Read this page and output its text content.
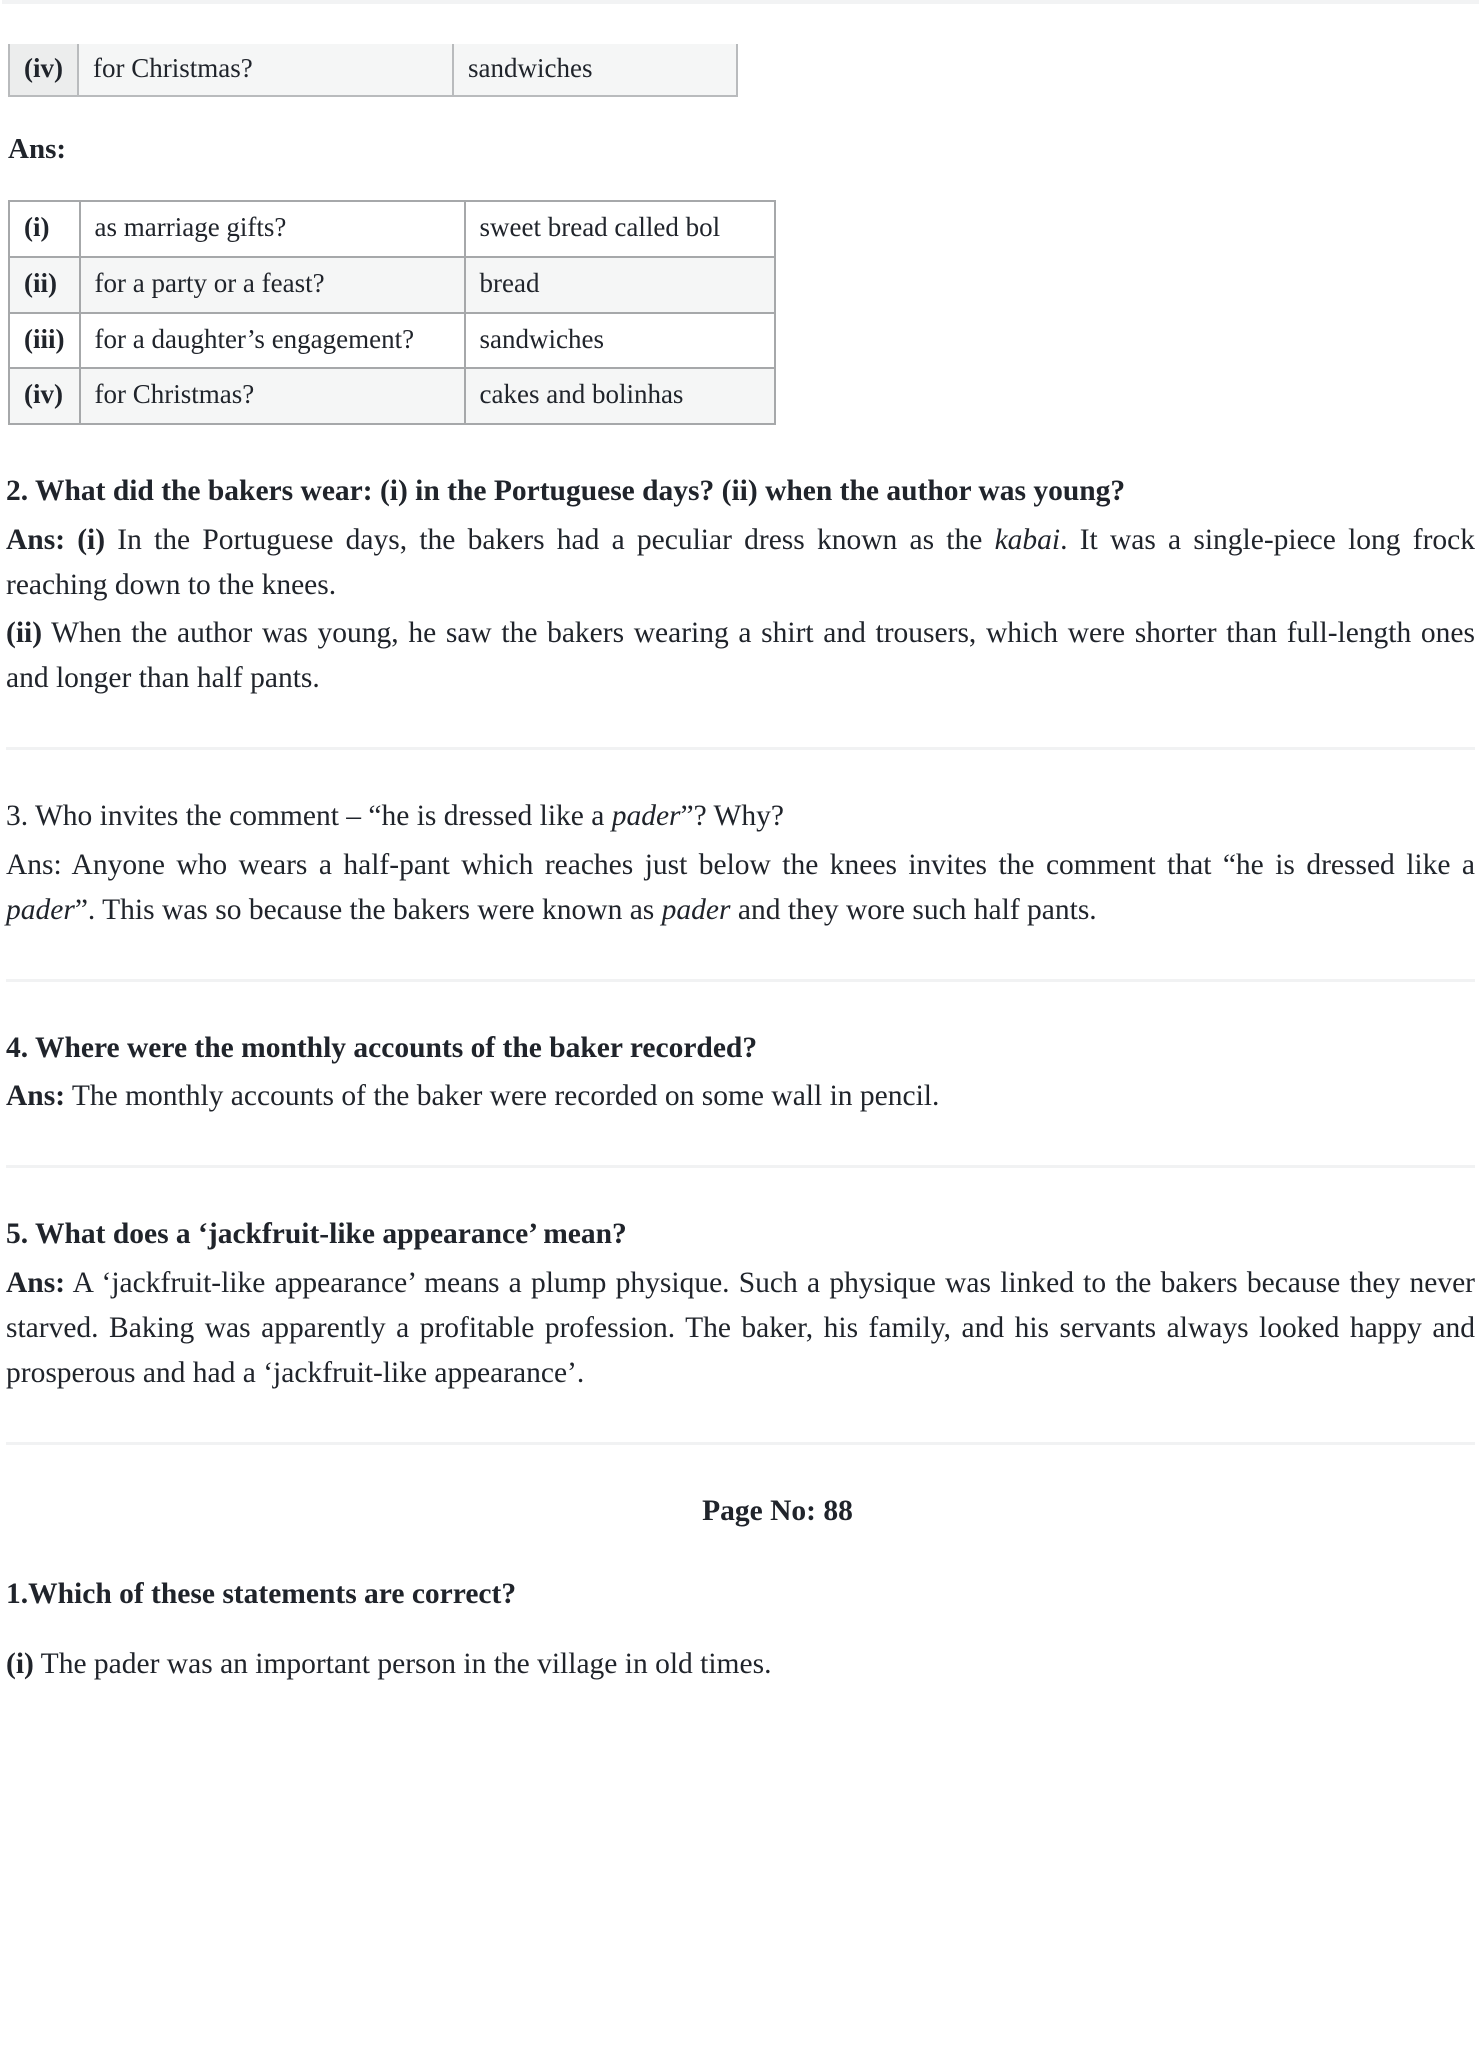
(iv)	for Christmas?	sandwiches
Ans:
(i)	as marriage gifts?	sweet bread called bol
(ii)	for a party or a feast?	bread
(iii)	for a daughter’s engagement?	sandwiches
(iv)	for Christmas?	cakes and bolinhas

2. What did the bakers wear: (i) in the Portuguese days? (ii) when the author was young?

Ans: (i) In the Portuguese days, the bakers had a peculiar dress known as the kabai. It was a single-piece long frock reaching down to the knees.

(ii) When the author was young, he saw the bakers wearing a shirt and trousers, which were shorter than full-length ones and longer than half pants.

3. Who invites the comment – “he is dressed like a pader”? Why?

Ans: Anyone who wears a half-pant which reaches just below the knees invites the comment that “he is dressed like a pader”. This was so because the bakers were known as pader and they wore such half pants.

4. Where were the monthly accounts of the baker recorded?

Ans: The monthly accounts of the baker were recorded on some wall in pencil.

5. What does a ‘jackfruit-like appearance’ mean?

Ans: A ‘jackfruit-like appearance’ means a plump physique. Such a physique was linked to the bakers because they never starved. Baking was apparently a profitable profession. The baker, his family, and his servants always looked happy and prosperous and had a ‘jackfruit-like appearance’.

Page No: 88

1.Which of these statements are correct?

(i) The pader was an important person in the village in old times.
